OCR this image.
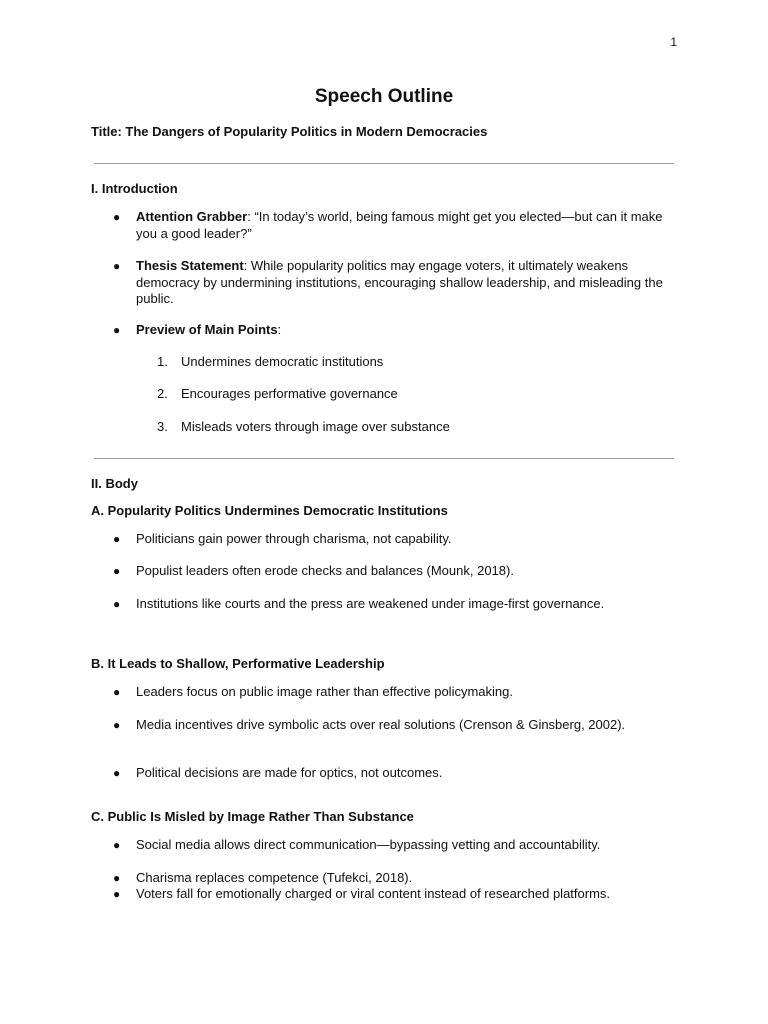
1
Speech Outline
Title: The Dangers of Popularity Politics in Modern Democracies
I. Introduction
● Attention Grabber: “In today’s world, being famous might get you elected—but can it make you a good leader?”
● Thesis Statement: While popularity politics may engage voters, it ultimately weakens democracy by undermining institutions, encouraging shallow leadership, and misleading the public.
● Preview of Main Points:
1. Undermines democratic institutions
2. Encourages performative governance
3. Misleads voters through image over substance
II. Body
A. Popularity Politics Undermines Democratic Institutions
● Politicians gain power through charisma, not capability.
● Populist leaders often erode checks and balances (Mounk, 2018).
● Institutions like courts and the press are weakened under image-first governance.
B. It Leads to Shallow, Performative Leadership
● Leaders focus on public image rather than effective policymaking.
● Media incentives drive symbolic acts over real solutions (Crenson & Ginsberg, 2002).
● Political decisions are made for optics, not outcomes.
C. Public Is Misled by Image Rather Than Substance
● Social media allows direct communication—bypassing vetting and accountability.
● Charisma replaces competence (Tufekci, 2018).
● Voters fall for emotionally charged or viral content instead of researched platforms.
